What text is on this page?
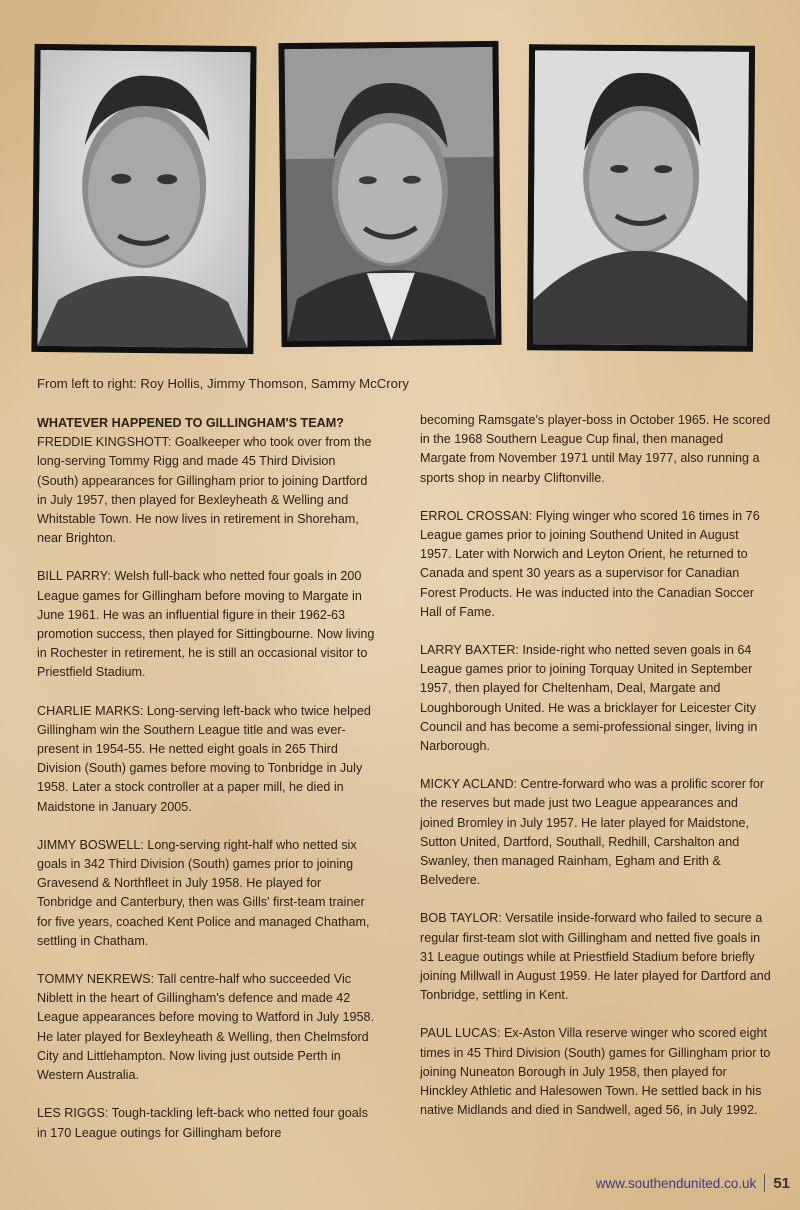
From left to right: Roy Hollis, Jimmy Thomson, Sammy McCrory

WHATEVER HAPPENED TO GILLINGHAM'S TEAM?

FREDDIE KINGSHOTT: Goalkeeper who took over from the long-serving Tommy Rigg and made 45 Third Division (South) appearances for Gillingham prior to joining Dartford in July 1957, then played for Bexleyheath & Welling and Whitstable Town. He now lives in retirement in Shoreham, near Brighton.

BILL PARRY: Welsh full-back who netted four goals in 200 League games for Gillingham before moving to Margate in June 1961. He was an influential figure in their 1962-63 promotion success, then played for Sittingbourne. Now living in Rochester in retirement, he is still an occasional visitor to Priestfield Stadium.

CHARLIE MARKS: Long-serving left-back who twice helped Gillingham win the Southern League title and was ever-present in 1954-55. He netted eight goals in 265 Third Division (South) games before moving to Tonbridge in July 1958. Later a stock controller at a paper mill, he died in Maidstone in January 2005.

JIMMY BOSWELL: Long-serving right-half who netted six goals in 342 Third Division (South) games prior to joining Gravesend & Northfleet in July 1958. He played for Tonbridge and Canterbury, then was Gills' first-team trainer for five years, coached Kent Police and managed Chatham, settling in Chatham.

TOMMY NEKREWS: Tall centre-half who succeeded Vic Niblett in the heart of Gillingham's defence and made 42 League appearances before moving to Watford in July 1958. He later played for Bexleyheath & Welling, then Chelmsford City and Littlehampton. Now living just outside Perth in Western Australia.

LES RIGGS: Tough-tackling left-back who netted four goals in 170 League outings for Gillingham before

becoming Ramsgate's player-boss in October 1965. He scored in the 1968 Southern League Cup final, then managed Margate from November 1971 until May 1977, also running a sports shop in nearby Cliftonville.

ERROL CROSSAN: Flying winger who scored 16 times in 76 League games prior to joining Southend United in August 1957. Later with Norwich and Leyton Orient, he returned to Canada and spent 30 years as a supervisor for Canadian Forest Products. He was inducted into the Canadian Soccer Hall of Fame.

LARRY BAXTER: Inside-right who netted seven goals in 64 League games prior to joining Torquay United in September 1957, then played for Cheltenham, Deal, Margate and Loughborough United. He was a bricklayer for Leicester City Council and has become a semi-professional singer, living in Narborough.

MICKY ACLAND: Centre-forward who was a prolific scorer for the reserves but made just two League appearances and joined Bromley in July 1957. He later played for Maidstone, Sutton United, Dartford, Southall, Redhill, Carshalton and Swanley, then managed Rainham, Egham and Erith & Belvedere.

BOB TAYLOR: Versatile inside-forward who failed to secure a regular first-team slot with Gillingham and netted five goals in 31 League outings while at Priestfield Stadium before briefly joining Millwall in August 1959. He later played for Dartford and Tonbridge, settling in Kent.

PAUL LUCAS: Ex-Aston Villa reserve winger who scored eight times in 45 Third Division (South) games for Gillingham prior to joining Nuneaton Borough in July 1958, then played for Hinckley Athletic and Halesowen Town. He settled back in his native Midlands and died in Sandwell, aged 56, in July 1992.

www.southendunited.co.uk 51
